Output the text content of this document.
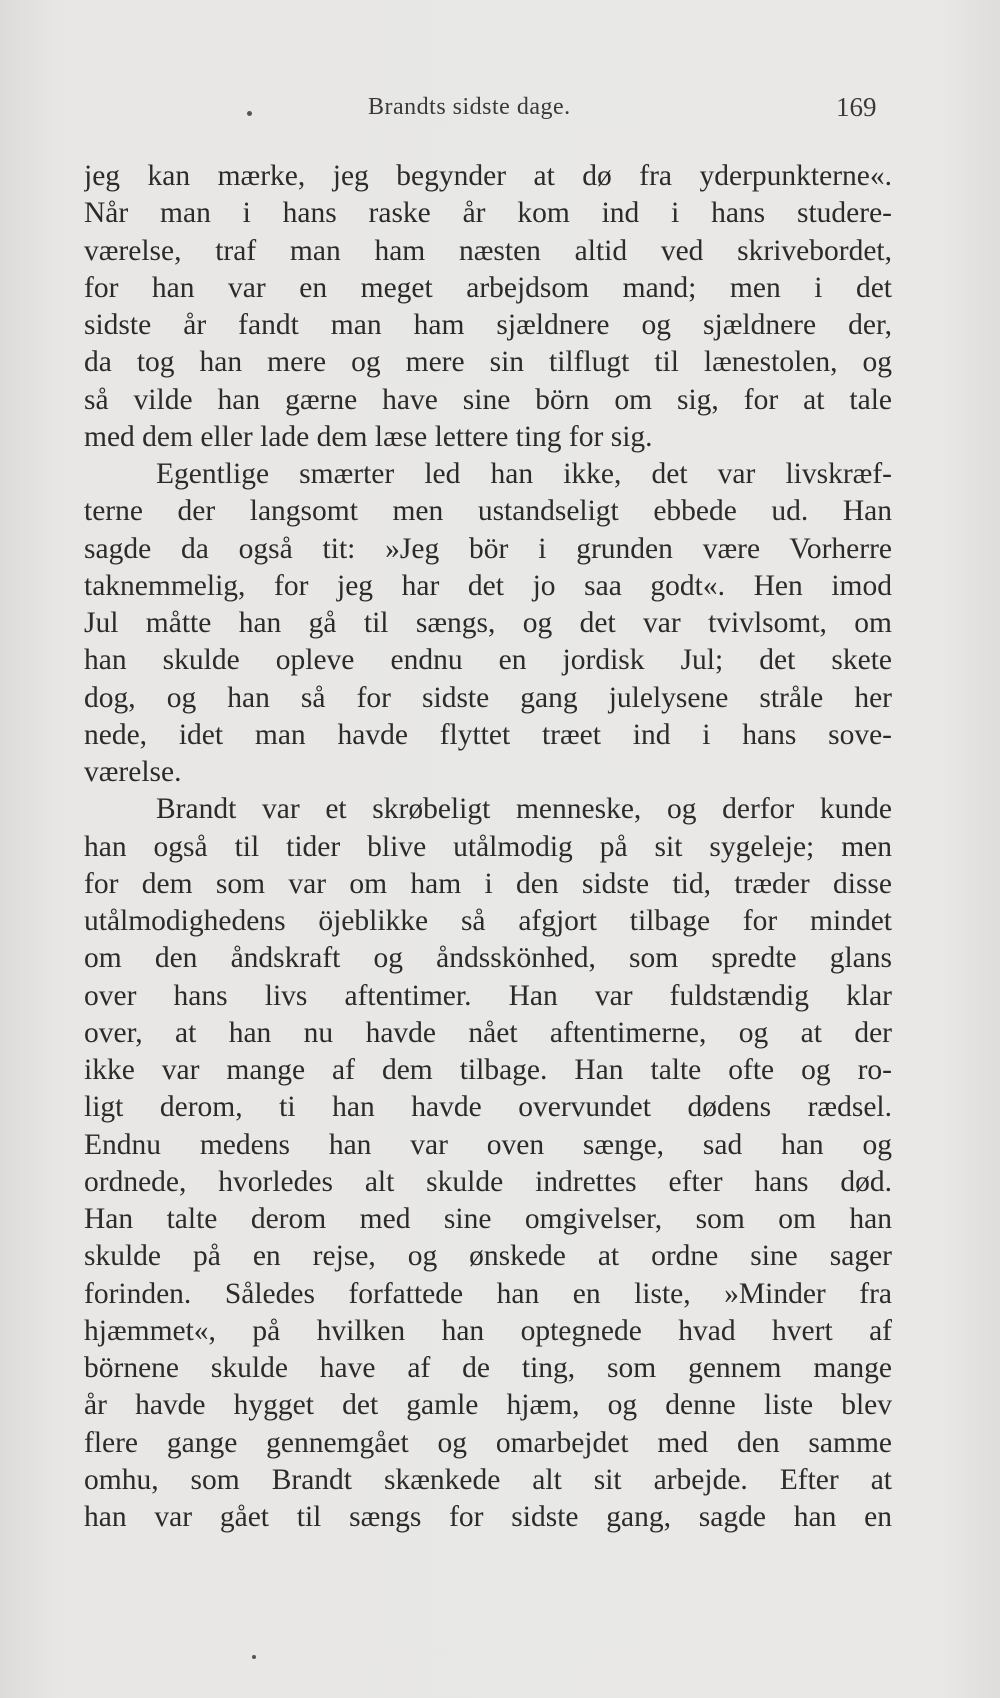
Brandts sidste dage.	169
jeg kan mærke, jeg begynder at dø fra yderpunkterne«.
Når man i hans raske år kom ind i hans studere-
værelse, traf man ham næsten altid ved skrivebordet,
for han var en meget arbejdsom mand; men i det
sidste år fandt man ham sjældnere og sjældnere der,
da tog han mere og mere sin tilflugt til lænestolen, og
så vilde han gærne have sine börn om sig, for at tale
med dem eller lade dem læse lettere ting for sig.
Egentlige smærter led han ikke, det var livskræf-
terne der langsomt men ustandseligt ebbede ud. Han
sagde da også tit: »Jeg bör i grunden være Vorherre
taknemmelig, for jeg har det jo saa godt«. Hen imod
Jul måtte han gå til sængs, og det var tvivlsomt, om
han skulde opleve endnu en jordisk Jul; det skete
dog, og han så for sidste gang julelysene stråle her
nede, idet man havde flyttet træet ind i hans sove-
værelse.
Brandt var et skrøbeligt menneske, og derfor kunde
han også til tider blive utålmodig på sit sygeleje; men
for dem som var om ham i den sidste tid, træder disse
utålmodighedens öjeblikke så afgjort tilbage for mindet
om den åndskraft og åndsskönhed, som spredte glans
over hans livs aftentimer. Han var fuldstændig klar
over, at han nu havde nået aftentimerne, og at der
ikke var mange af dem tilbage. Han talte ofte og ro-
ligt derom, ti han havde overvundet dødens rædsel.
Endnu medens han var oven sænge, sad han og
ordnede, hvorledes alt skulde indrettes efter hans død.
Han talte derom med sine omgivelser, som om han
skulde på en rejse, og ønskede at ordne sine sager
forinden. Således forfattede han en liste, »Minder fra
hjæmmet«, på hvilken han optegnede hvad hvert af
börnene skulde have af de ting, som gennem mange
år havde hygget det gamle hjæm, og denne liste blev
flere gange gennemgået og omarbejdet med den samme
omhu, som Brandt skænkede alt sit arbejde. Efter at
han var gået til sængs for sidste gang, sagde han en
